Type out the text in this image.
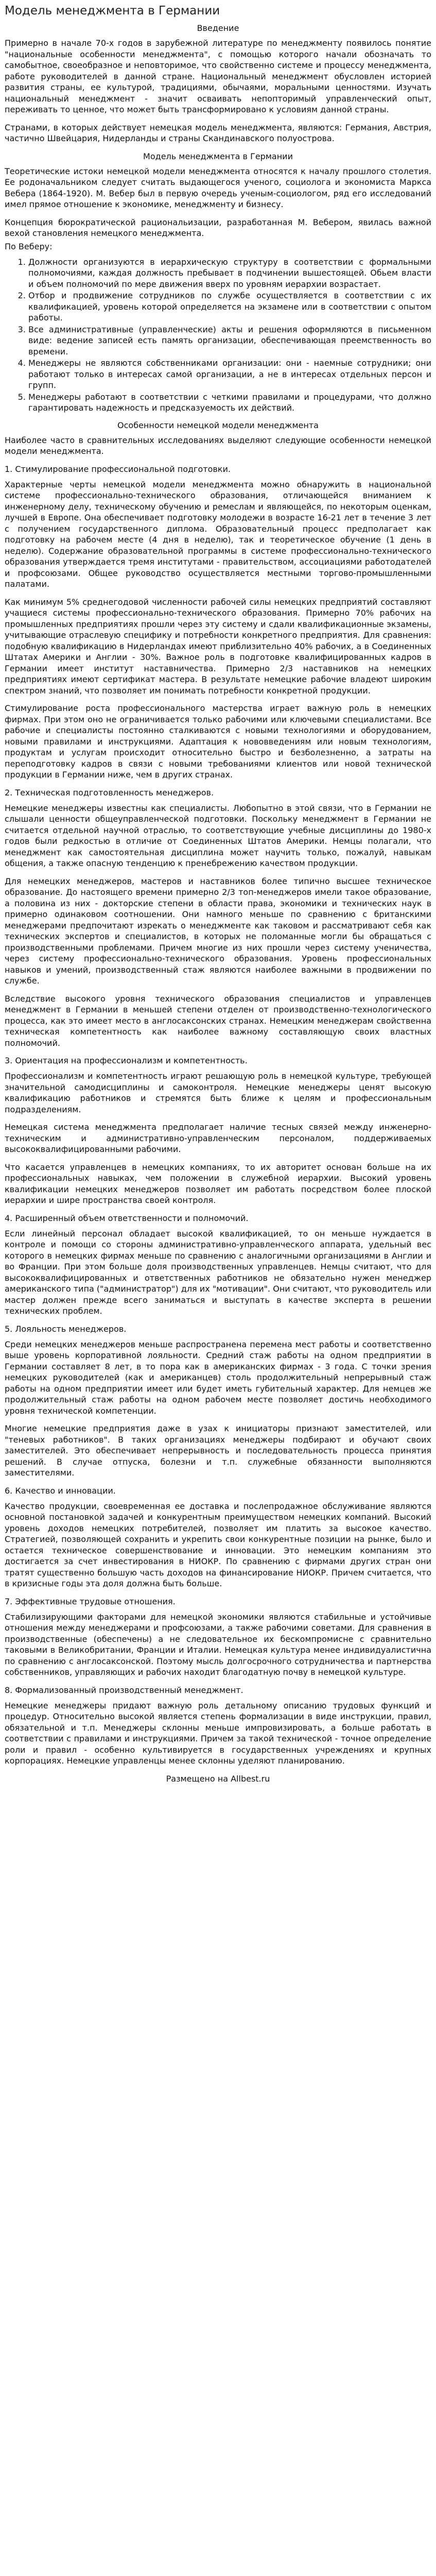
Модель менеджмента в Германии
Введение

Примерно в начале 70-х годов в зарубежной литературе по менеджменту появилось понятие "национальные особенности менеджмента", с помощью которого начали обозначать то самобытное, своеобразное и неповторимое, что свойственно системе и процессу менеджмента, работе руководителей в данной стране. Национальный менеджмент обусловлен историей развития страны, ее культурой, традициями, обычаями, моральными ценностями. Изучать национальный менеджмент - значит осваивать непопторимый управленческий опыт, переживать то ценное, что может быть трансформировано к условиям данной страны.

Странами, в которых действует немецкая модель менеджмента, являются: Германия, Австрия, частично Швейцария, Нидерланды и страны Скандинавского полуострова.

Модель менеджмента в Германии

Теоретические истоки немецкой модели менеджмента относятся к началу прошлого столетия. Ее родоначальником следует считать выдающегося ученого, социолога и экономиста Маркса Вебера (1864-1920). М. Вебер был в первую очередь ученым-социологом, ряд его исследований имел прямое отношение к экономике, менеджменту и бизнесу.

Концепция бюрократической рациональизации, разработанная М. Вебером, явилась важной вехой становления немецкого менеджмента.

По Веберу:

1. Должности организуются в иерархическую структуру в соответствии с формальными полномочиями, каждая должность пребывает в подчинении вышестоящей. Обьем власти и объем полномочий по мере движения вверх по уровням иерархии возрастает.
2. Отбор и продвижение сотрудников по службе осуществляется в соответствии с их квалификацией, уровень которой определяется на экзамене или в соответствии с опытом работы.
3. Все административные (управленческие) акты и решения оформляются в письменном виде: ведение записей есть память организации, обеспечивающая преемственность во времени.
4. Менеджеры не являются собственниками организации: они - наемные сотрудники; они работают только в интересах самой организации, а не в интересах отдельных персон и групп.
5. Менеджеры работают в соответствии с четкими правилами и процедурами, что должно гарантировать надежность и предсказуемость их действий.
Особенности немецкой модели менеджмента

Наиболее часто в сравнительных исследованиях выделяют следующие особенности немецкой модели менеджмента.

1. Стимулирование профессиональной подготовки.

Характерные черты немецкой модели менеджмента можно обнаружить в национальной системе профессионально-технического образования, отличающейся вниманием к инженерному делу, техническому обучению и ремеслам и являющейся, по некоторым оценкам, лучшей в Европе. Она обеспечивает подготовку молодежи в возрасте 16-21 лет в течение 3 лет с получением государственного диплома. Образовательный процесс предполагает как подготовку на рабочем месте (4 дня в неделю), так и теоретическое обучение (1 день в неделю). Содержание образовательной программы в системе профессионально-технического образования утверждается тремя институтами - правительством, ассоциациями работодателей и профсоюзами. Общее руководство осуществляется местными торгово-промышленными палатами.

Как минимум 5% среднегодовой численности рабочей силы немецких предприятий составляют учащиеся системы профессионально-технического образования. Примерно 70% рабочих на промышленных предприятиях прошли через эту систему и сдали квалификационные экзамены, учитывающие отраслевую специфику и потребности конкретного предприятия. Для сравнения: подобную квалификацию в Нидерландах имеют приблизительно 40% рабочих, а в Соединенных Штатах Америки и Англии - 30%. Важное роль в подготовке квалифицированных кадров в Германии имеет институт наставничества. Примерно 2/3 наставников на немецких предприятиях имеют сертификат мастера. В результате немецкие рабочие владеют широким спектром знаний, что позволяет им понимать потребности конкретной продукции.

Стимулирование роста профессионального мастерства играет важную роль в немецких фирмах. При этом оно не ограничивается только рабочими или ключевыми специалистами. Все рабочие и специалисты постоянно сталкиваются с новыми технологиями и оборудованием, новыми правилами и инструкциями. Адаптация к нововведениям или новым технологиям, продуктам и услугам происходит относительно быстро и безболезненно, а затраты на переподготовку кадров в связи с новыми требованиями клиентов или новой технической продукции в Германии ниже, чем в других странах.

2. Техническая подготовленность менеджеров.

Немецкие менеджеры известны как специалисты. Любопытно в этой связи, что в Германии не слышали ценности общеуправленческой подготовки. Поскольку менеджмент в Германии не считается отдельной научной отраслью, то соответствующие учебные дисциплины до 1980-х годов были редкостью в отличие от Соединенных Штатов Америки. Немцы полагали, что менеджмент как самостоятельная дисциплина может научить только, пожалуй, навыкам общения, а также опасную тенденцию к пренебрежению качеством продукции.

Для немецких менеджеров, мастеров и наставников более типично высшее техническое образование. До настоящего времени примерно 2/3 топ-менеджеров имели такое образование, а половина из них - докторские степени в области права, экономики и технических наук в примерно одинаковом соотношении. Они намного меньше по сравнению с британскими менеджерами предпочитают изрекать о менеджменте как таковом и рассматривают себя как технических экспертов и специалистов, в которых не поломанные могли бы обращаться с производственными проблемами. Причем многие из них прошли через систему ученичества, через систему профессионально-технического образования. Уровень профессиональных навыков и умений, производственный стаж являются наиболее важными в продвижении по службе.

Вследствие высокого уровня технического образования специалистов и управленцев менеджмент в Германии в меньшей степени отделен от производственно-технологического процесса, как это имеет место в англосаксонских странах. Немецким менеджерам свойственна техническая компетентность как наиболее важному составляющую своих властных полномочий.

3. Ориентация на профессионализм и компетентность.

Профессионализм и компетентность играют решающую роль в немецкой культуре, требующей значительной самодисциплины и самоконтроля. Немецкие менеджеры ценят высокую квалификацию работников и стремятся быть ближе к целям и профессиональным подразделениям.

Немецкая система менеджмента предполагает наличие тесных связей между инженерно-техническим и административно-управленческим персоналом, поддерживаемых высококвалифицированными рабочими.

Что касается управленцев в немецких компаниях, то их авторитет основан больше на их профессиональных навыках, чем положении в служебной иерархии. Высокий уровень квалификации немецких менеджеров позволяет им работать посредством более плоской иерархии и шире пространства своей контроля.

4. Расширенный объем ответственности и полномочий.

Если линейный персонал обладает высокой квалификацией, то он меньше нуждается в контроле и помощи со стороны административно-управленческого аппарата, удельный вес которого в немецких фирмах меньше по сравнению с аналогичными организациями в Англии и во Франции. При этом больше доля производственных управленцев. Немцы считают, что для высококвалифицированных и ответственных работников не обязательно нужен менеджер американского типа ("администратор") для их "мотивации". Они считают, что руководитель или мастер должен прежде всего заниматься и выступать в качестве эксперта в решении технических проблем.

5. Лояльность менеджеров.

Среди немецких менеджеров меньше распространена перемена мест работы и соответственно выше уровень корпоративной лояльности. Средний стаж работы на одном предприятии в Германии составляет 8 лет, в то пора как в американских фирмах - 3 года. С точки зрения немецких руководителей (как и американцев) столь продолжительный непрерывный стаж работы на одном предприятии имеет или будет иметь губительный характер. Для немцев же продолжительный стаж работы на одном рабочем месте позволяет достичь необходимого уровня технической компетенции.

Многие немецкие предприятия даже в узах к инициаторы признают заместителей, или "теневых работников". В таких организациях менеджеры подбирают и обучают своих заместителей. Это обеспечивает непрерывность и последовательность процесса принятия решений. В случае отпуска, болезни и т.п. служебные обязанности выполняются заместителями.

6. Качество и инновации.

Качество продукции, своевременная ее доставка и послепродажное обслуживание являются основной постановкой задачей и конкурентным преимуществом немецких компаний. Высокий уровень доходов немецких потребителей, позволяет им платить за высокое качество. Стратегией, позволяющей сохранить и укрепить свои конкурентные позиции на рынке, было и остается техническое совершенствование и инновации. Это немецким компаниям это достигается за счет инвестирования в НИОКР. По сравнению с фирмами других стран они тратят существенно большую часть доходов на финансирование НИОКР. Причем считается, что в кризисные годы эта доля должна быть больше.

7. Эффективные трудовые отношения.

Стабилизирующими факторами для немецкой экономики являются стабильные и устойчивые отношения между менеджерами и профсоюзами, а также рабочими советами. Для сравнения в производственные (обеспечены) а не следовательное их бескомпромисне с сравнительно таковыми в Великобритании, Франции и Италии. Немецкая культура менее индивидуалистична по сравнению с англосаксонской. Поэтому мысль долгосрочного сотрудничества и партнерства собственников, управляющих и рабочих находит благодатную почву в немецкой культуре.

8. Формализованный производственный менеджмент.

Немецкие менеджеры придают важную роль детальному описанию трудовых функций и процедур. Относительно высокой является степень формализации в виде инструкции, правил, обязательной и т.п. Менеджеры склонны меньше импровизировать, а больше работать в соответствии с правилами и инструкциями. Причем за такой технической - точное определение роли и правил - особенно культивируется в государственных учреждениях и крупных корпорациях. Немецкие управленцы менее склонны уделяют планированию.

Размещено на Allbest.ru
